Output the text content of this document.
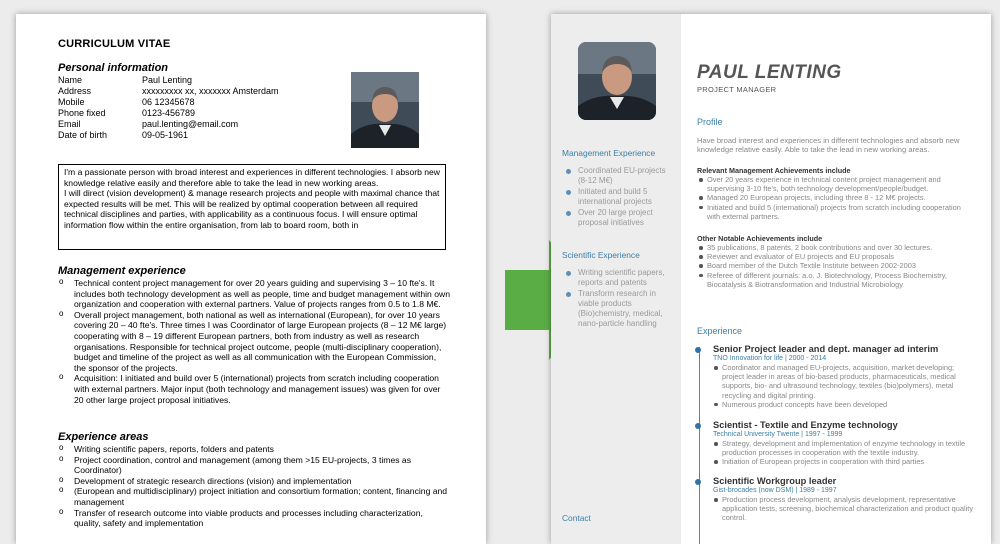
CURRICULUM VITAE
Personal information
Name	Paul Lenting
Address	xxxxxxxxx xx, xxxxxxx Amsterdam
Mobile	06 12345678
Phone fixed	0123-456789
Email	paul.lenting@email.com
Date of birth	09-05-1961

I'm a passionate person with broad interest and experiences in different technologies. I absorb new knowledge relative easily and therefore able to take the lead in new working areas.

I will direct (vision development) & manage research projects and people with maximal chance that expected results will be met. This will be realized by optimal cooperation between all required technical disciplines and parties, with applicability as a continuous focus. I will ensure optimal information flow within the entire organisation, from lab to board room, both in

Management experience
o Technical content project management for over 20 years guiding and supervising 3 – 10 fte's. It includes both technology development as well as people, time and budget management within own organization and cooperation with external partners. Value of projects ranges from 0.5 to 1.8 M€.
o Overall project management, both national as well as international (European), for over 10 years covering 20 – 40 fte's. Three times I was Coordinator of large European projects (8 – 12 M€ large) cooperating with 8 – 19 different European partners, both from industry as well as research organisations. Responsible for technical project outcome, people (multi-disciplinary cooperation), budget and timeline of the project as well as all communication with the European Commission, the sponsor of the projects.
o Acquisition: I initiated and build over 5 (international) projects from scratch including cooperation with external partners. Major input (both technology and management issues) was given for over 20 other large project proposal initiatives.
Experience areas
o Writing scientific papers, reports, folders and patents
o Project coordination, control and management (among them >15 EU-projects, 3 times as Coordinator)
o Development of strategic research directions (vision) and implementation
o (European and multidisciplinary) project initiation and consortium formation; content, financing and management
o Transfer of research outcome into viable products and processes including characterization, quality, safety and implementation
Management Experience
Coordinated EU-projects (8-12 M€)
Initiated and build 5 international projects
Over 20 large project proposal initiatives
Scientific Experience
Writing scientific papers, reports and patents
Transform research in viable products (Bio)chemistry, medical, nano-particle handling
Contact
PAUL LENTING
PROJECT MANAGER
Profile
Have broad interest and experiences in different technologies and absorb new knowledge relative easily. Able to take the lead in new working areas.
Relevant Management Achievements include
Over 20 years experience in technical content project management and supervising 3-10 fte's, both technology development/people/budget.
Managed 20 European projects, including three 8 - 12 M€ projects.
Initiated and build 5 (international) projects from scratch including cooperation with external partners.
Other Notable Achievements include
35 publications, 8 patents, 2 book contributions and over 30 lectures.
Reviewer and evaluator of EU projects and EU proposals
Board member of the Dutch Textile Institute between 2002-2003
Referee of different journals: a.o. J. Biotechnology, Process Biochemistry, Biocatalysis & Biotransformation and Industrial Microbiology
Experience
Senior Project leader and dept. manager ad interim
TNO Innovation for life | 2000 - 2014
Coordinator and managed EU-projects, acquisition, market developing; project leader in areas of bio-based products, pharmaceuticals, medical supports, bio- and ultrasound technology, textiles (bio)polymers), metal recycling and digital printing.
Numerous product concepts have been developed
Scientist - Textile and Enzyme technology
Technical University Twente | 1997 - 1999
Strategy, development and implementation of enzyme technology in textile production processes in cooperation with the textile industry.
Initiation of European projects in cooperation with third parties
Scientific Workgroup leader
Gist-brocades (now DSM) | 1989 - 1997
Production process development, analysis development, representative application tests, screening, biochemical characterization and product quality control.
